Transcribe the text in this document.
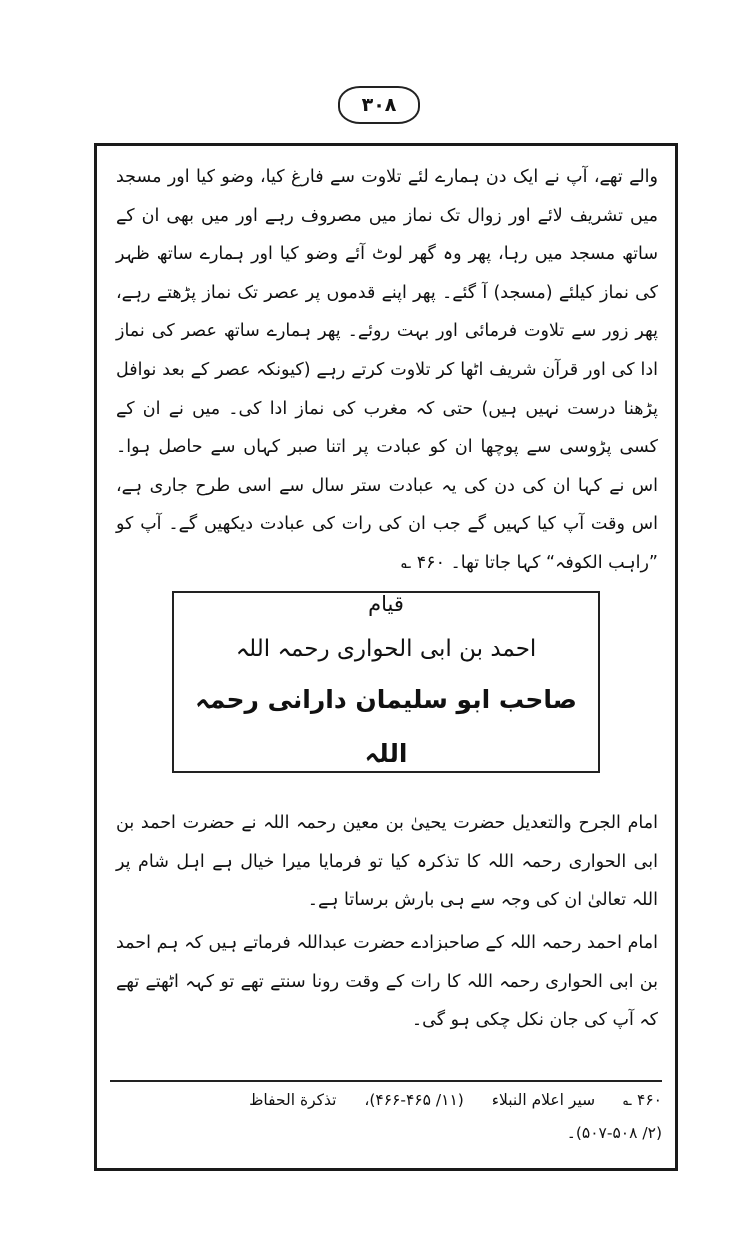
۳۰۸
والے تھے، آپ نے ایک دن ہمارے لئے تلاوت سے فارغ کیا، وضو کیا اور مسجد میں تشریف لائے اور زوال تک نماز میں مصروف رہے اور میں بھی ان کے ساتھ مسجد میں رہا، پھر وہ گھر لوٹ آئے وضو کیا اور ہمارے ساتھ ظہر کی نماز کیلئے (مسجد) آ گئے۔ پھر اپنے قدموں پر عصر تک نماز پڑھتے رہے، پھر زور سے تلاوت فرمائی اور بہت روئے۔ پھر ہمارے ساتھ عصر کی نماز ادا کی اور قرآن شریف اٹھا کر تلاوت کرتے رہے (کیونکہ عصر کے بعد نوافل پڑھنا درست نہیں ہیں) حتی کہ مغرب کی نماز ادا کی۔ میں نے ان کے کسی پڑوسی سے پوچھا ان کو عبادت پر اتنا صبر کہاں سے حاصل ہوا۔ اس نے کہا ان کی دن کی یہ عبادت ستر سال سے اسی طرح جاری ہے، اس وقت آپ کیا کہیں گے جب ان کی رات کی عبادت دیکھیں گے۔ آپ کو ”راہب الکوفہ“ کہا جاتا تھا۔ ۴۶۰ ؎
قیام
احمد بن ابی الحواری رحمہ اللہ
صاحب ابو سلیمان دارانی رحمہ اللہ
امام الجرح والتعدیل حضرت یحییٰ بن معین رحمہ اللہ نے حضرت احمد بن ابی الحواری رحمہ اللہ کا تذکرہ کیا تو فرمایا میرا خیال ہے اہل شام پر اللہ تعالیٰ ان کی وجہ سے ہی بارش برساتا ہے۔
امام احمد رحمہ اللہ کے صاحبزادے حضرت عبداللہ فرماتے ہیں کہ ہم احمد بن ابی الحواری رحمہ اللہ کا رات کے وقت رونا سنتے تھے تو کہہ اٹھتے تھے کہ آپ کی جان نکل چکی ہو گی۔
۴۶۰ ؎  سیر اعلام النبلاء  (۱۱/ ۴۶۵-۴۶۶)،  تذکرة الحفاظ
(۲/ ۵۰۷-۵۰۸)۔
